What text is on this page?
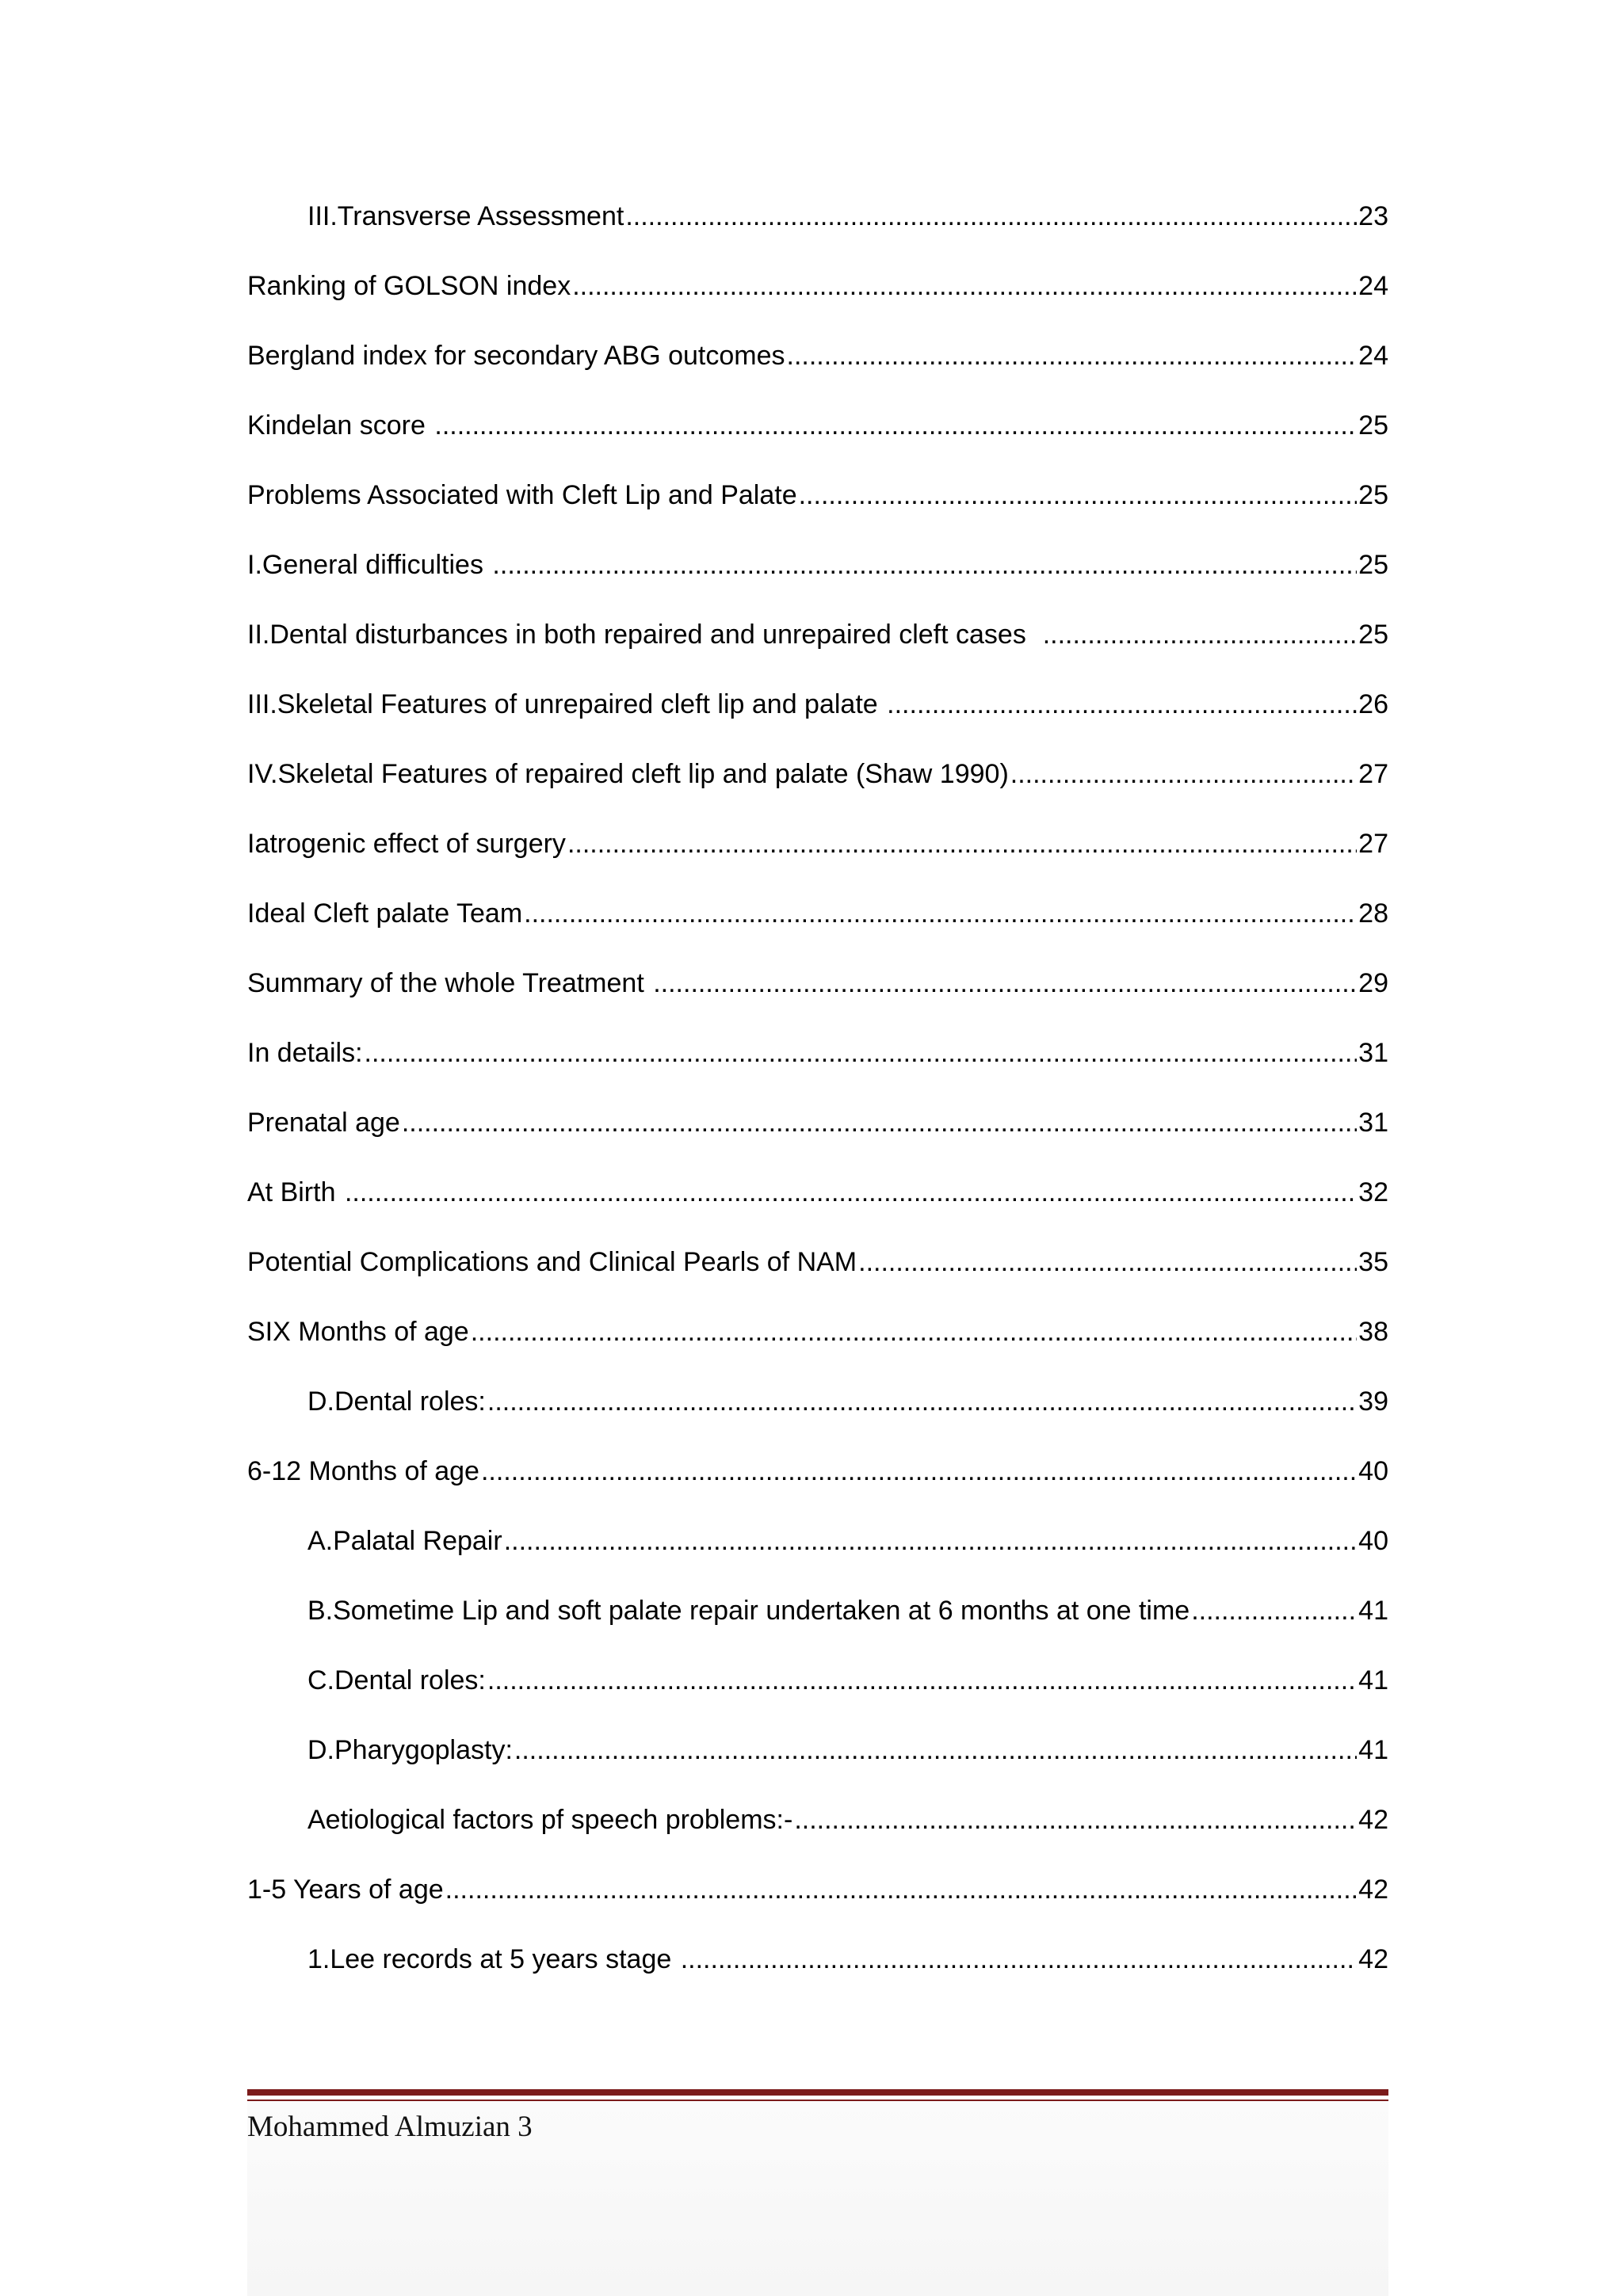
III.Transverse Assessment .....	23
Ranking of GOLSON index .....	24
Bergland index for secondary ABG outcomes .....	24
Kindelan score .....	25
Problems Associated with Cleft Lip and Palate .....	25
I.General difficulties .....	25
II.Dental disturbances in both repaired and unrepaired cleft cases .....	25
III.Skeletal Features of unrepaired cleft lip and palate .....	26
IV.Skeletal Features of repaired cleft lip and palate (Shaw 1990) .....	27
Iatrogenic effect of surgery .....	27
Ideal Cleft palate Team .....	28
Summary of the whole Treatment .....	29
In details: .....	31
Prenatal age .....	31
At Birth .....	32
Potential Complications and Clinical Pearls of NAM .....	35
SIX Months of age .....	38
D.Dental roles: .....	39
6-12 Months of age .....	40
A.Palatal Repair .....	40
B.Sometime Lip and soft palate repair undertaken at 6 months at one time .....	41
C.Dental roles: .....	41
D.Pharygoplasty: .....	41
Aetiological factors pf speech problems:- .....	42
1-5 Years of age .....	42
1.Lee records at 5 years stage .....	42
Mohammed Almuzian 3
